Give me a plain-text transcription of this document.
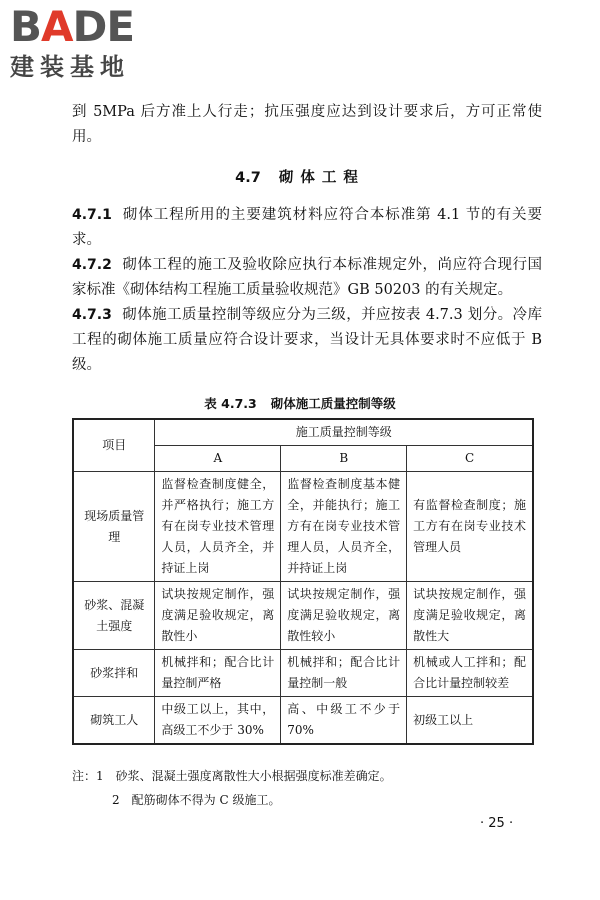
BADE
建装基地

到 5MPa 后方准上人行走；抗压强度应达到设计要求后，方可正常使用。

4.7 砌体工程

4.7.1 砌体工程所用的主要建筑材料应符合本标准第 4.1 节的有关要求。

4.7.2 砌体工程的施工及验收除应执行本标准规定外，尚应符合现行国家标准《砌体结构工程施工质量验收规范》GB 50203 的有关规定。

4.7.3 砌体施工质量控制等级应分为三级，并应按表 4.7.3 划分。冷库工程的砌体施工质量应符合设计要求，当设计无具体要求时不应低于 B 级。

表 4.7.3 砌体施工质量控制等级
项目	施工质量控制等级		
	A	B	C
现场质量管理	监督检查制度健全，并严格执行；施工方有在岗专业技术管理人员，人员齐全，并持证上岗	监督检查制度基本健全，并能执行；施工方有在岗专业技术管理人员，人员齐全，并持证上岗	有监督检查制度；施工方有在岗专业技术管理人员
砂浆、混凝土强度	试块按规定制作，强度满足验收规定，离散性小	试块按规定制作，强度满足验收规定，离散性较小	试块按规定制作，强度满足验收规定，离散性大
砂浆拌和	机械拌和；配合比计量控制严格	机械拌和；配合比计量控制一般	机械或人工拌和；配合比计量控制较差
砌筑工人	中级工以上，其中，高级工不少于 30%	高、中级工不少于 70%	初级工以上

注：1　 砂浆、混凝土强度离散性大小根据强度标准差确定。

2　配筋砌体不得为 C 级施工。

· 25 ·
